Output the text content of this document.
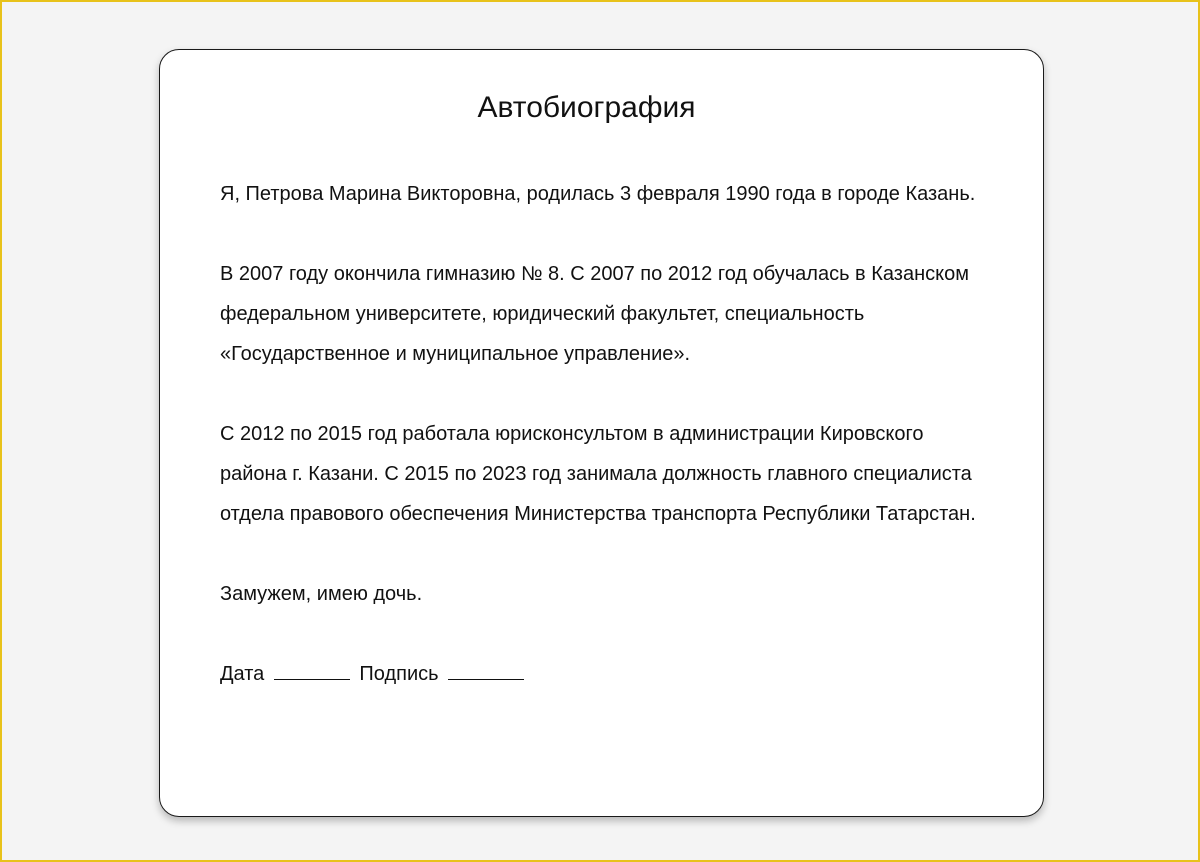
Автобиография

Я, Петрова Марина Викторовна, родилась 3 февраля 1990 года в городе Казань.

В 2007 году окончила гимназию № 8. С 2007 по 2012 год обучалась в Казанском федеральном университете, юридический факультет, специальность «Государственное и муниципальное управление».

С 2012 по 2015 год работала юрисконсультом в администрации Кировского района г. Казани. С 2015 по 2023 год занимала должность главного специалиста отдела правового обеспечения Министерства транспорта Республики Татарстан.

Замужем, имею дочь.

Дата	Подпись
